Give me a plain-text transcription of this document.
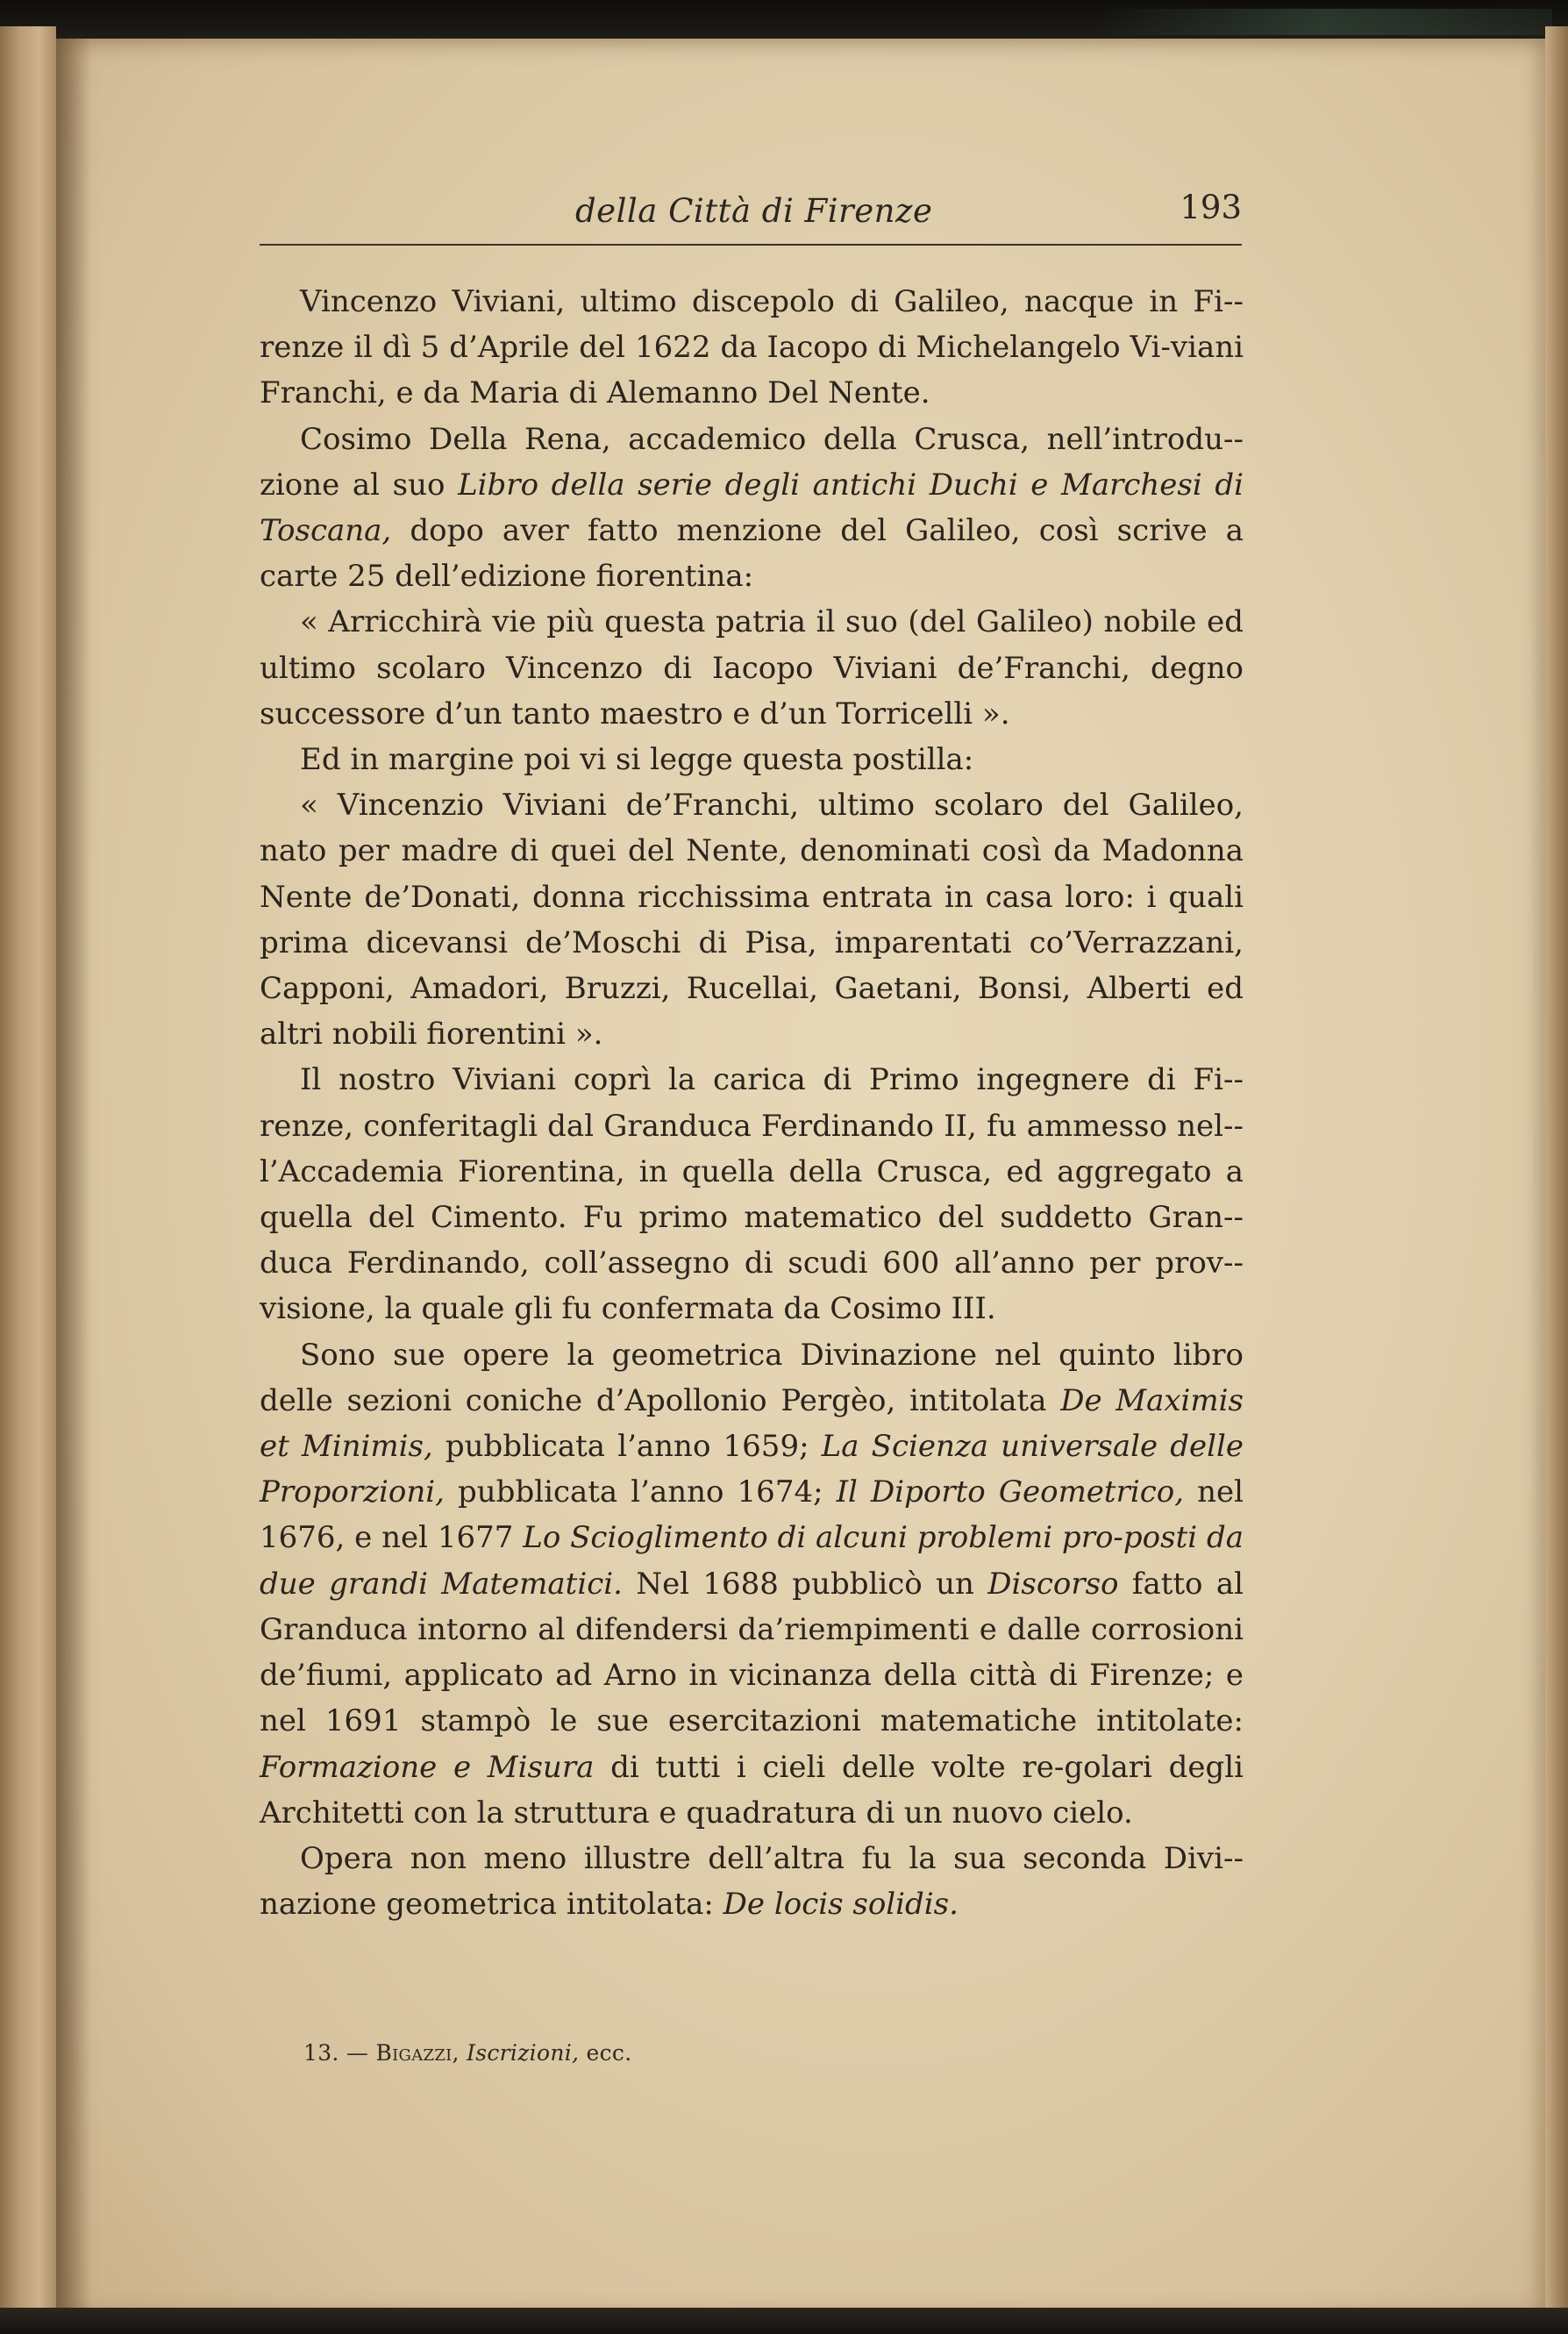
della Città di Firenze	193

Vincenzo Viviani, ultimo discepolo di Galileo, nacque in Fi-renze il dì 5 d’Aprile del 1622 da Iacopo di Michelangelo Vi-viani Franchi, e da Maria di Alemanno Del Nente.

Cosimo Della Rena, accademico della Crusca, nell’introdu-zione al suo Libro della serie degli antichi Duchi e Marchesi di Toscana, dopo aver fatto menzione del Galileo, così scrive a carte 25 dell’edizione fiorentina:

« Arricchirà vie più questa patria il suo (del Galileo) nobile ed ultimo scolaro Vincenzo di Iacopo Viviani de’Franchi, degno successore d’un tanto maestro e d’un Torricelli ».

Ed in margine poi vi si legge questa postilla:

« Vincenzio Viviani de’Franchi, ultimo scolaro del Galileo, nato per madre di quei del Nente, denominati così da Madonna Nente de’Donati, donna ricchissima entrata in casa loro: i quali prima dicevansi de’Moschi di Pisa, imparentati co’Verrazzani, Capponi, Amadori, Bruzzi, Rucellai, Gaetani, Bonsi, Alberti ed altri nobili fiorentini ».

Il nostro Viviani coprì la carica di Primo ingegnere di Fi-renze, conferitagli dal Granduca Ferdinando II, fu ammesso nel-l’Accademia Fiorentina, in quella della Crusca, ed aggregato a quella del Cimento. Fu primo matematico del suddetto Gran-duca Ferdinando, coll’assegno di scudi 600 all’anno per prov-visione, la quale gli fu confermata da Cosimo III.

Sono sue opere la geometrica Divinazione nel quinto libro delle sezioni coniche d’Apollonio Pergèo, intitolata De Maximis et Minimis, pubblicata l’anno 1659; La Scienza universale delle Proporzioni, pubblicata l’anno 1674; Il Diporto Geometrico, nel 1676, e nel 1677 Lo Scioglimento di alcuni problemi pro-posti da due grandi Matematici. Nel 1688 pubblicò un Discorso fatto al Granduca intorno al difendersi da’riempimenti e dalle corrosioni de’fiumi, applicato ad Arno in vicinanza della città di Firenze; e nel 1691 stampò le sue esercitazioni matematiche intitolate: Formazione e Misura di tutti i cieli delle volte re-golari degli Architetti con la struttura e quadratura di un nuovo cielo.

Opera non meno illustre dell’altra fu la sua seconda Divi-nazione geometrica intitolata: De locis solidis.

13. — Bigazzi, Iscrizioni, ecc.
